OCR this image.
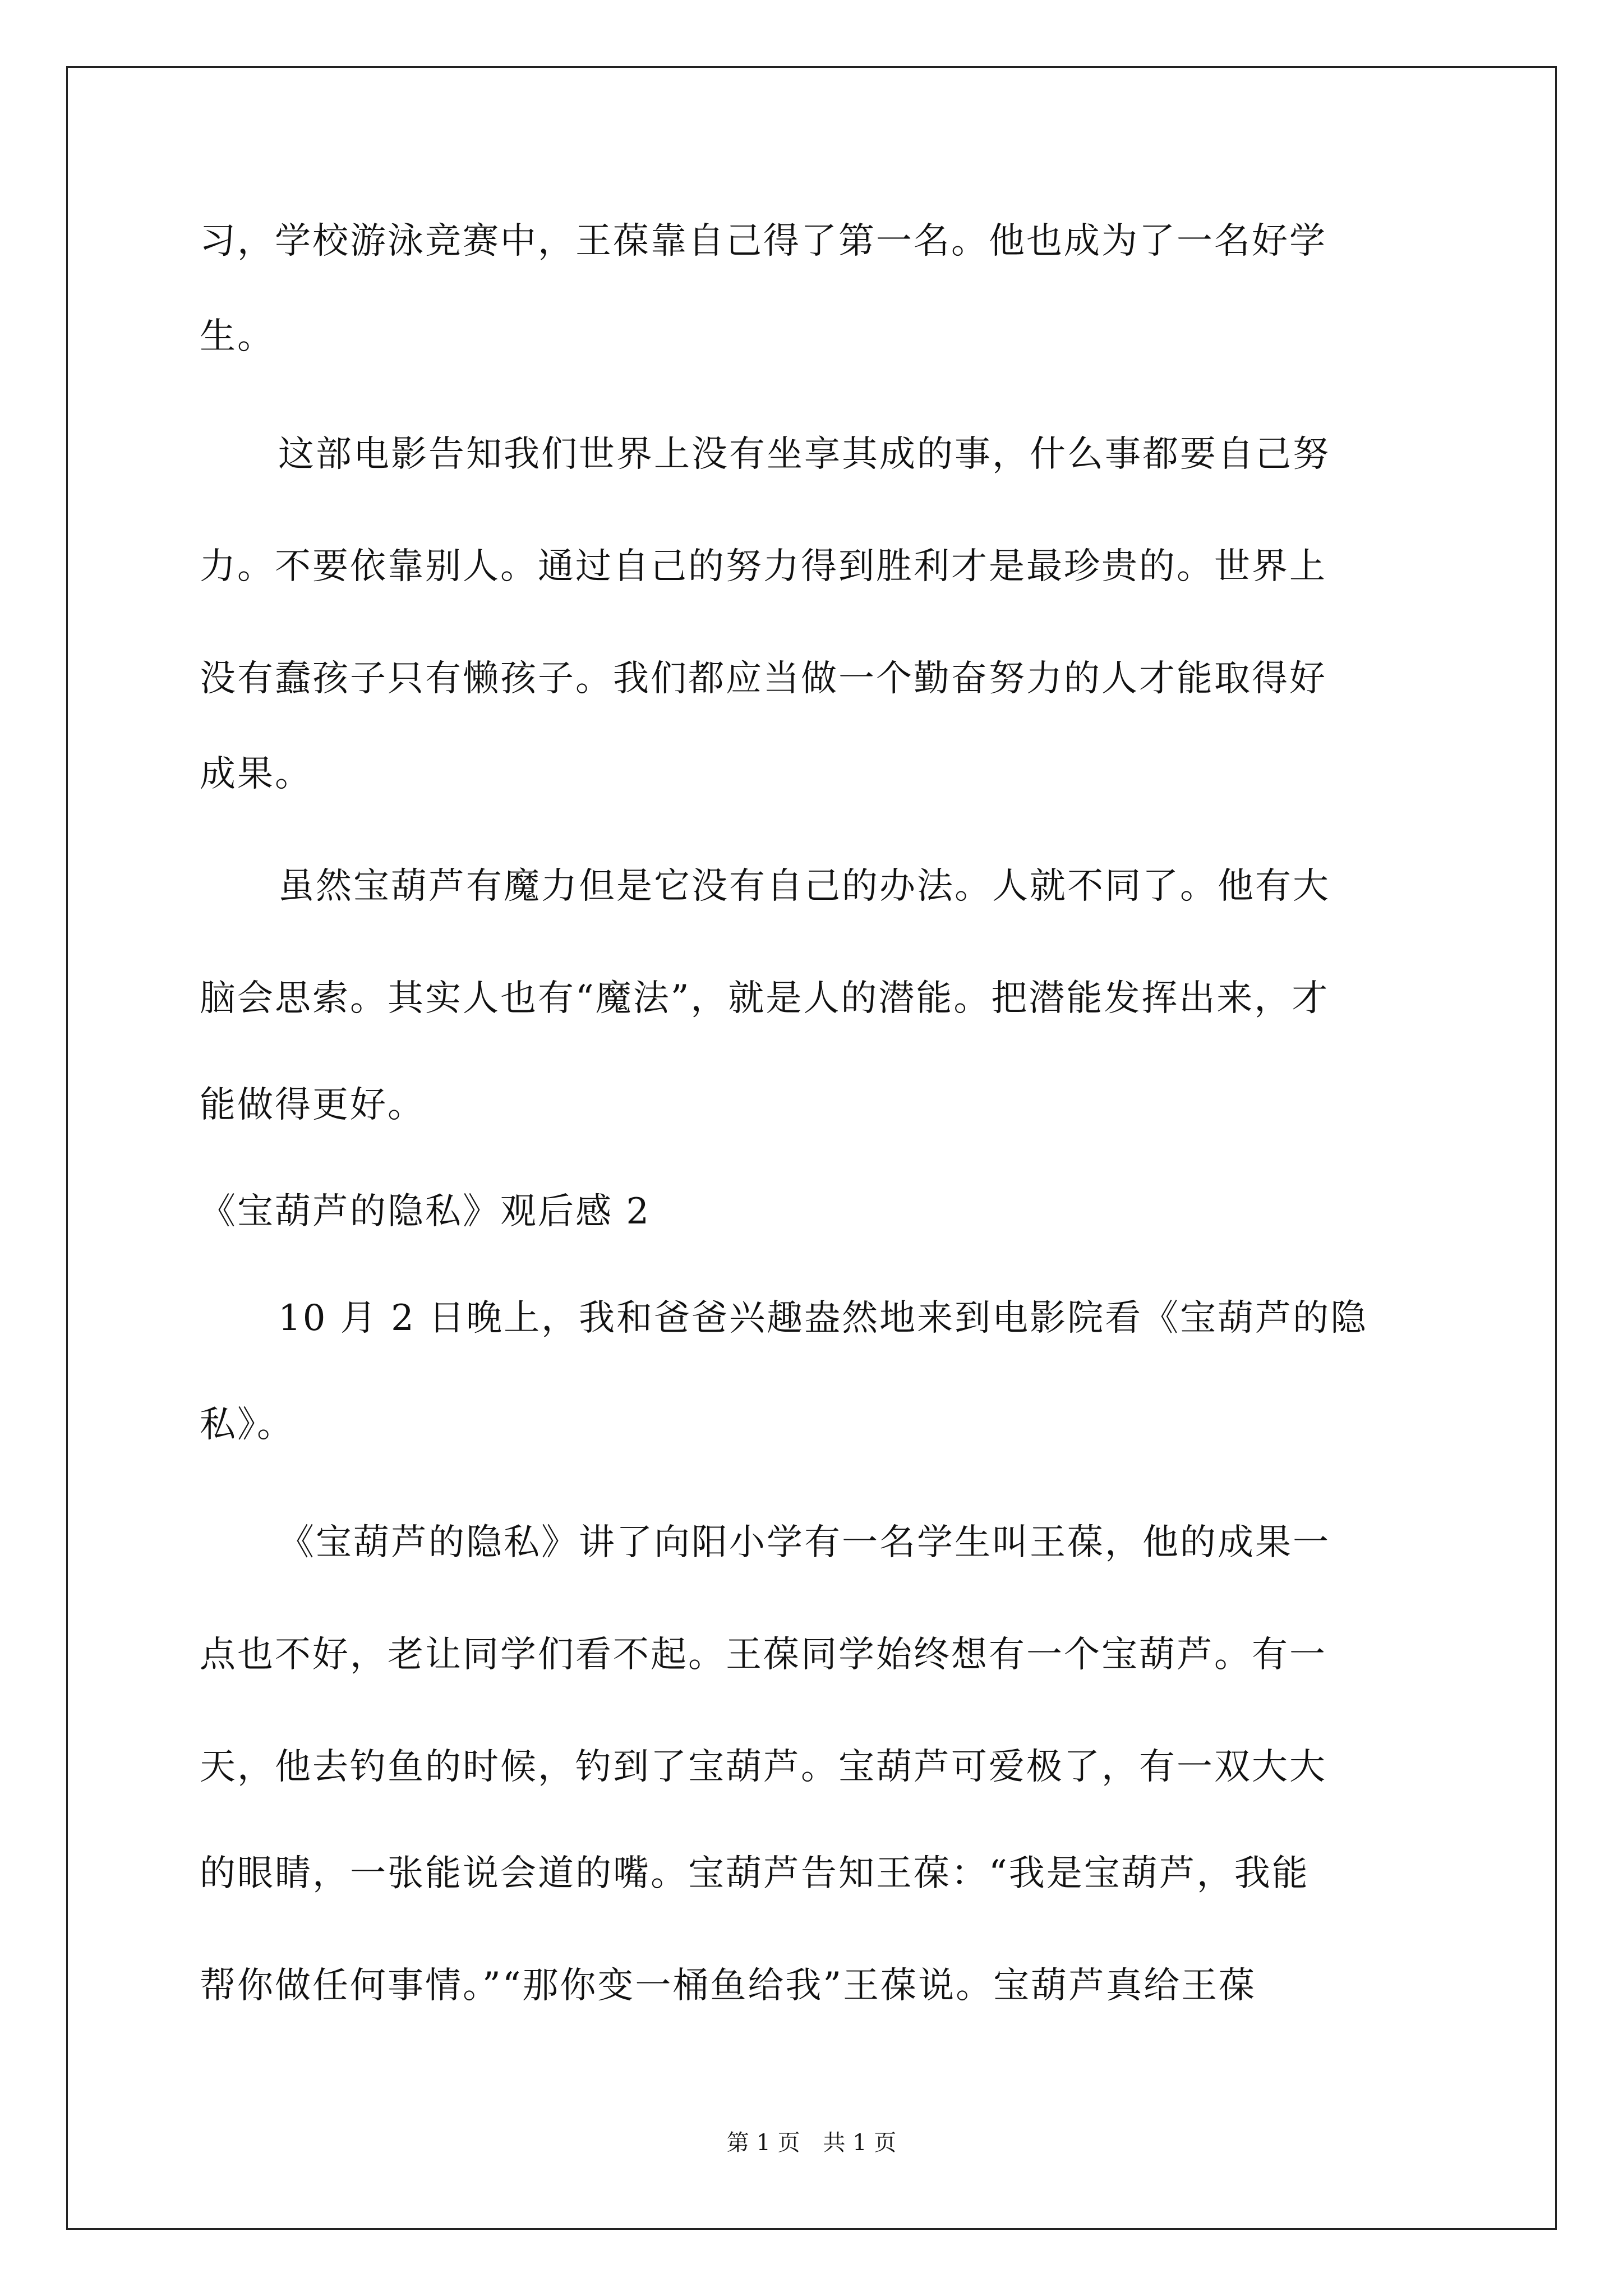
习，学校游泳竞赛中，王葆靠自己得了第一名。他也成为了一名好学
生。
这部电影告知我们世界上没有坐享其成的事，什么事都要自己努
力。不要依靠别人。通过自己的努力得到胜利才是最珍贵的。世界上
没有蠢孩子只有懒孩子。我们都应当做一个勤奋努力的人才能取得好
成果。
虽然宝葫芦有魔力但是它没有自己的办法。人就不同了。他有大
脑会思索。其实人也有“魔法”，就是人的潜能。把潜能发挥出来，才
能做得更好。
《宝葫芦的隐私》观后感 2
10 月 2 日晚上，我和爸爸兴趣盎然地来到电影院看《宝葫芦的隐
私》。
《宝葫芦的隐私》讲了向阳小学有一名学生叫王葆，他的成果一
点也不好，老让同学们看不起。王葆同学始终想有一个宝葫芦。有一
天，他去钓鱼的时候，钓到了宝葫芦。宝葫芦可爱极了，有一双大大
的眼睛，一张能说会道的嘴。宝葫芦告知王葆：“我是宝葫芦，我能
帮你做任何事情。”“那你变一桶鱼给我”王葆说。宝葫芦真给王葆
第 1 页 共 1 页
